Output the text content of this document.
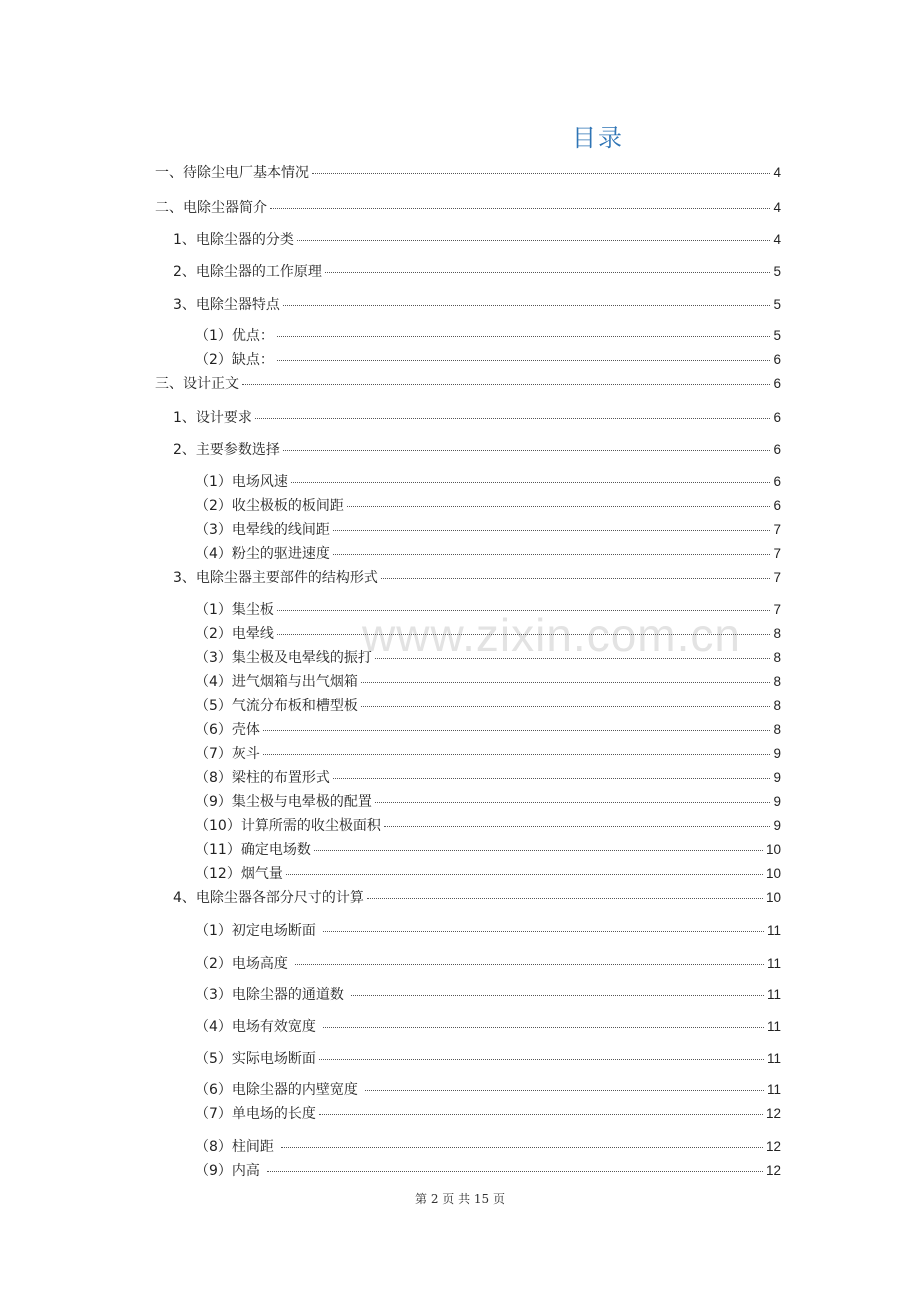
目录
www.zixin.com.cn
一、待除尘电厂基本情况	4
二、电除尘器简介	4
1、电除尘器的分类	4
2、电除尘器的工作原理	5
3、电除尘器特点	5
（1）优点：	5
（2）缺点：	6
三、设计正文	6
1、设计要求	6
2、主要参数选择	6
（1）电场风速	6
（2）收尘极板的板间距	6
（3）电晕线的线间距	7
（4）粉尘的驱进速度	7
3、电除尘器主要部件的结构形式	7
（1）集尘板	7
（2）电晕线	8
（3）集尘极及电晕线的振打	8
（4）进气烟箱与出气烟箱	8
（5）气流分布板和槽型板	8
（6）壳体	8
（7）灰斗	9
（8）梁柱的布置形式	9
（9）集尘极与电晕极的配置	9
（10）计算所需的收尘极面积	9
（11）确定电场数	10
（12）烟气量	10
4、电除尘器各部分尺寸的计算	10
（1）初定电场断面	11
（2）电场高度	11
（3）电除尘器的通道数	11
（4）电场有效宽度	11
（5）实际电场断面	11
（6）电除尘器的内壁宽度	11
（7）单电场的长度	12
（8）柱间距	12
（9）内高	12
第 2 页 共 15 页
